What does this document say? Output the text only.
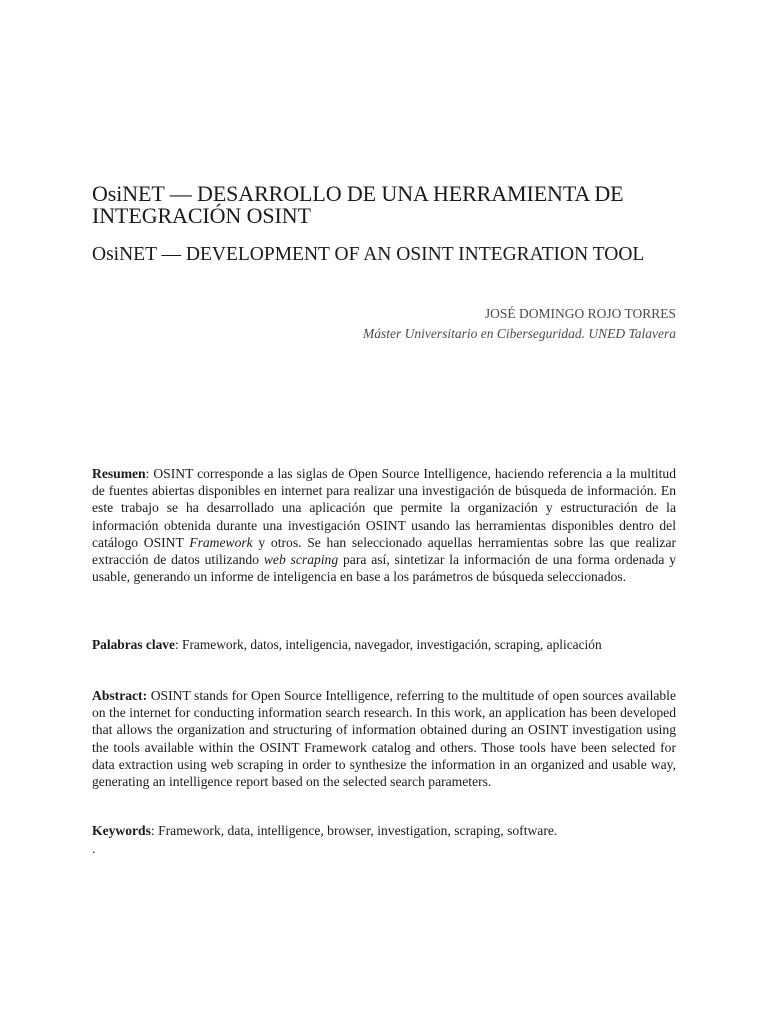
OsiNET — DESARROLLO DE UNA HERRAMIENTA DE INTEGRACIÓN OSINT
OsiNET — DEVELOPMENT OF AN OSINT INTEGRATION TOOL
JOSÉ DOMINGO ROJO TORRES
Máster Universitario en Ciberseguridad. UNED Talavera

Resumen: OSINT corresponde a las siglas de Open Source Intelligence, haciendo referencia a la multitud de fuentes abiertas disponibles en internet para realizar una investigación de búsqueda de información. En este trabajo se ha desarrollado una aplicación que permite la organización y estructuración de la información obtenida durante una investigación OSINT usando las herramientas disponibles dentro del catálogo OSINT Framework y otros. Se han seleccionado aquellas herramientas sobre las que realizar extracción de datos utilizando web scraping para así, sintetizar la información de una forma ordenada y usable, generando un informe de inteligencia en base a los parámetros de búsqueda seleccionados.

Palabras clave: Framework, datos, inteligencia, navegador, investigación, scraping, aplicación

Abstract: OSINT stands for Open Source Intelligence, referring to the multitude of open sources available on the internet for conducting information search research. In this work, an application has been developed that allows the organization and structuring of information obtained during an OSINT investigation using the tools available within the OSINT Framework catalog and others. Those tools have been selected for data extraction using web scraping in order to synthesize the information in an organized and usable way, generating an intelligence report based on the selected search parameters.

Keywords: Framework, data, intelligence, browser, investigation, scraping, software.

.
